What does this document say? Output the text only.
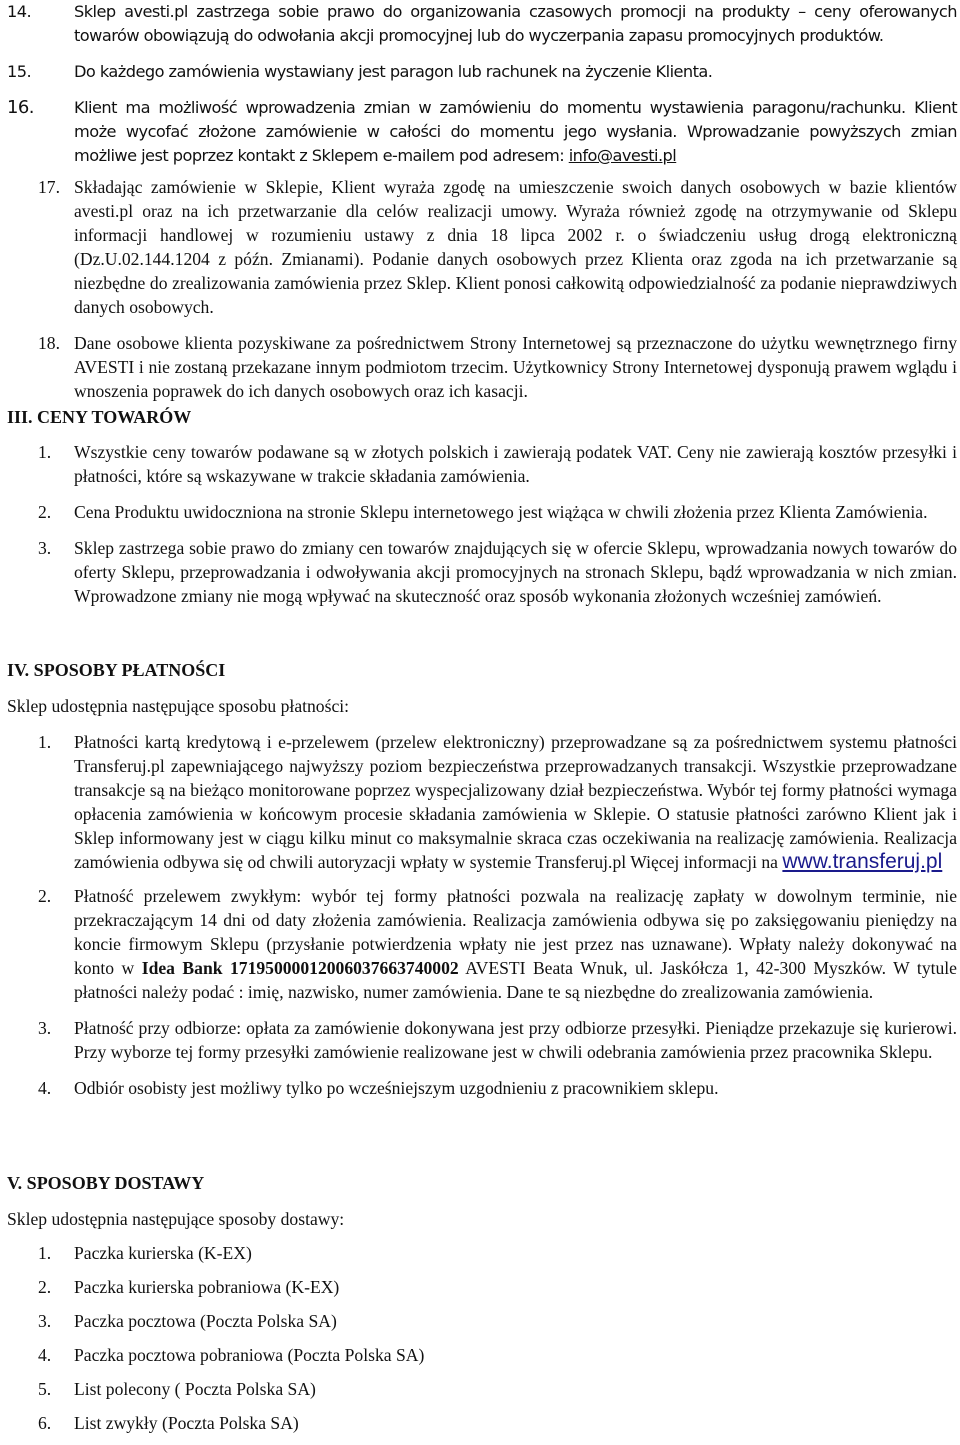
14.	Sklep avesti.pl zastrzega sobie prawo do organizowania czasowych promocji na produkty – ceny oferowanych towarów obowiązują do odwołania akcji promocyjnej lub do wyczerpania zapasu promocyjnych produktów.

15.	Do każdego zamówienia wystawiany jest paragon lub rachunek na życzenie Klienta.

16. Klient ma możliwość wprowadzenia zmian w zamówieniu do momentu wystawienia paragonu/rachunku. Klient może wycofać złożone zamówienie w całości do momentu jego wysłania. Wprowadzanie powyższych zmian możliwe jest poprzez kontakt z Sklepem e-mailem pod adresem: info@avesti.pl

17. Składając zamówienie w Sklepie, Klient wyraża zgodę na umieszczenie swoich danych osobowych w bazie klientów avesti.pl oraz na ich przetwarzanie dla celów realizacji umowy. Wyraża również zgodę na otrzymywanie od Sklepu informacji handlowej w rozumieniu ustawy z dnia 18 lipca 2002 r. o świadczeniu usług drogą elektroniczną (Dz.U.02.144.1204 z późn. Zmianami). Podanie danych osobowych przez Klienta oraz zgoda na ich przetwarzanie są niezbędne do zrealizowania zamówienia przez Sklep. Klient ponosi całkowitą odpowiedzialność za podanie nieprawdziwych danych osobowych.

18. Dane osobowe klienta pozyskiwane za pośrednictwem Strony Internetowej są przeznaczone do użytku wewnętrznego firny AVESTI i nie zostaną przekazane innym podmiotom trzecim. Użytkownicy Strony Internetowej dysponują prawem wglądu i wnoszenia poprawek do ich danych osobowych oraz ich kasacji.

III. CENY TOWARÓW
1. Wszystkie ceny towarów podawane są w złotych polskich i zawierają podatek VAT. Ceny nie zawierają kosztów przesyłki i płatności, które są wskazywane w trakcie składania zamówienia.

2. Cena Produktu uwidoczniona na stronie Sklepu internetowego jest wiążąca w chwili złożenia przez Klienta Zamówienia.

3. Sklep zastrzega sobie prawo do zmiany cen towarów znajdujących się w ofercie Sklepu, wprowadzania nowych towarów do oferty Sklepu, przeprowadzania i odwoływania akcji promocyjnych na stronach Sklepu, bądź wprowadzania w nich zmian. Wprowadzone zmiany nie mogą wpływać na skuteczność oraz sposób wykonania złożonych wcześniej zamówień.

IV. SPOSOBY PŁATNOŚCI

Sklep udostępnia następujące sposobu płatności:

1. Płatności kartą kredytową i e-przelewem (przelew elektroniczny) przeprowadzane są za pośrednictwem systemu płatności Transferuj.pl zapewniającego najwyższy poziom bezpieczeństwa przeprowadzanych transakcji. Wszystkie przeprowadzane transakcje są na bieżąco monitorowane poprzez wyspecjalizowany dział bezpieczeństwa. Wybór tej formy płatności wymaga opłacenia zamówienia w końcowym procesie składania zamówienia w Sklepie. O statusie płatności zarówno Klient jak i Sklep informowany jest w ciągu kilku minut co maksymalnie skraca czas oczekiwania na realizację zamówienia. Realizacja zamówienia odbywa się od chwili autoryzacji wpłaty w systemie Transferuj.pl Więcej informacji na www.transferuj.pl

2. Płatność przelewem zwykłym: wybór tej formy płatności pozwala na realizację zapłaty w dowolnym terminie, nie przekraczającym 14 dni od daty złożenia zamówienia. Realizacja zamówienia odbywa się po zaksięgowaniu pieniędzy na koncie firmowym Sklepu (przysłanie potwierdzenia wpłaty nie jest przez nas uznawane). Wpłaty należy dokonywać na konto w Idea Bank 17195000012006037663740002 AVESTI Beata Wnuk, ul. Jaskółcza 1, 42-300 Myszków. W tytule płatności należy podać : imię, nazwisko, numer zamówienia. Dane te są niezbędne do zrealizowania zamówienia.

3. Płatność przy odbiorze: opłata za zamówienie dokonywana jest przy odbiorze przesyłki. Pieniądze przekazuje się kurierowi. Przy wyborze tej formy przesyłki zamówienie realizowane jest w chwili odebrania zamówienia przez pracownika Sklepu.

4. Odbiór osobisty jest możliwy tylko po wcześniejszym uzgodnieniu z pracownikiem sklepu.

V. SPOSOBY DOSTAWY

Sklep udostępnia następujące sposoby dostawy:

1. Paczka kurierska (K-EX)

2. Paczka kurierska pobraniowa (K-EX)

3. Paczka pocztowa (Poczta Polska SA)

4. Paczka pocztowa pobraniowa (Poczta Polska SA)

5. List polecony ( Poczta Polska SA)

6. List zwykły (Poczta Polska SA)
